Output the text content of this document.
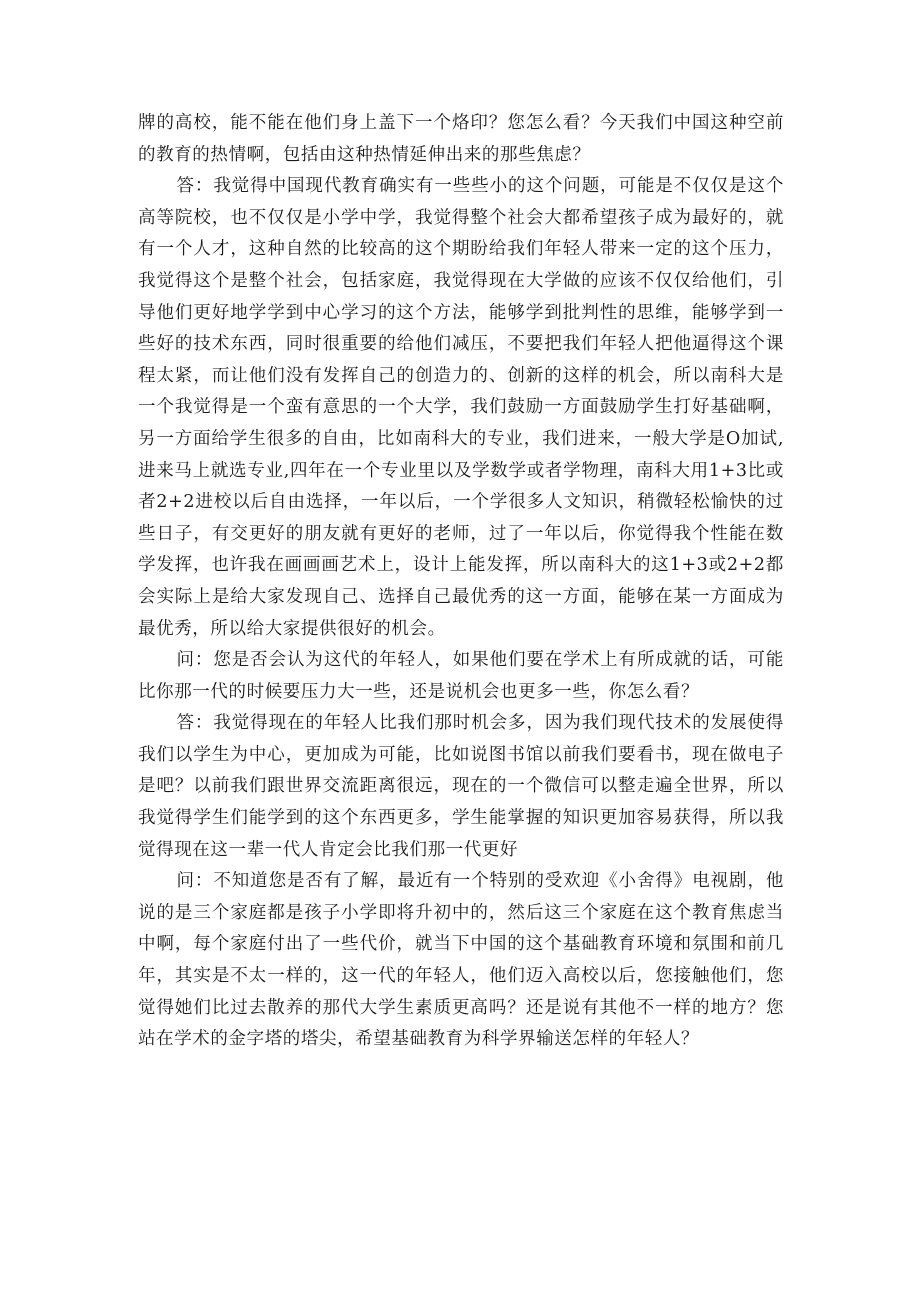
牌的高校，能不能在他们身上盖下一个烙印？您怎么看？今天我们中国这种空前的教育的热情啊，包括由这种热情延伸出来的那些焦虑？

答：我觉得中国现代教育确实有一些些小的这个问题，可能是不仅仅是这个高等院校，也不仅仅是小学中学，我觉得整个社会大都希望孩子成为最好的，就有一个人才，这种自然的比较高的这个期盼给我们年轻人带来一定的这个压力，我觉得这个是整个社会，包括家庭，我觉得现在大学做的应该不仅仅给他们，引导他们更好地学学到中心学习的这个方法，能够学到批判性的思维，能够学到一些好的技术东西，同时很重要的给他们减压，不要把我们年轻人把他逼得这个课程太紧，而让他们没有发挥自己的创造力的、创新的这样的机会，所以南科大是一个我觉得是一个蛮有意思的一个大学，我们鼓励一方面鼓励学生打好基础啊，另一方面给学生很多的自由，比如南科大的专业，我们进来，一般大学是O加试,进来马上就选专业,四年在一个专业里以及学数学或者学物理，南科大用1+3比或者2+2进校以后自由选择，一年以后，一个学很多人文知识，稍微轻松愉快的过些日子，有交更好的朋友就有更好的老师，过了一年以后，你觉得我个性能在数学发挥，也许我在画画画艺术上，设计上能发挥，所以南科大的这1+3或2+2都会实际上是给大家发现自己、选择自己最优秀的这一方面，能够在某一方面成为最优秀，所以给大家提供很好的机会。

问：您是否会认为这代的年轻人，如果他们要在学术上有所成就的话，可能比你那一代的时候要压力大一些，还是说机会也更多一些，你怎么看？

答：我觉得现在的年轻人比我们那时机会多，因为我们现代技术的发展使得我们以学生为中心，更加成为可能，比如说图书馆以前我们要看书，现在做电子是吧？以前我们跟世界交流距离很远，现在的一个微信可以整走遍全世界，所以我觉得学生们能学到的这个东西更多，学生能掌握的知识更加容易获得，所以我觉得现在这一辈一代人肯定会比我们那一代更好

问：不知道您是否有了解，最近有一个特别的受欢迎《小舍得》电视剧，他说的是三个家庭都是孩子小学即将升初中的，然后这三个家庭在这个教育焦虑当中啊，每个家庭付出了一些代价，就当下中国的这个基础教育环境和氛围和前几年，其实是不太一样的，这一代的年轻人，他们迈入高校以后，您接触他们，您觉得她们比过去散养的那代大学生素质更高吗？还是说有其他不一样的地方？您站在学术的金字塔的塔尖，希望基础教育为科学界输送怎样的年轻人？
